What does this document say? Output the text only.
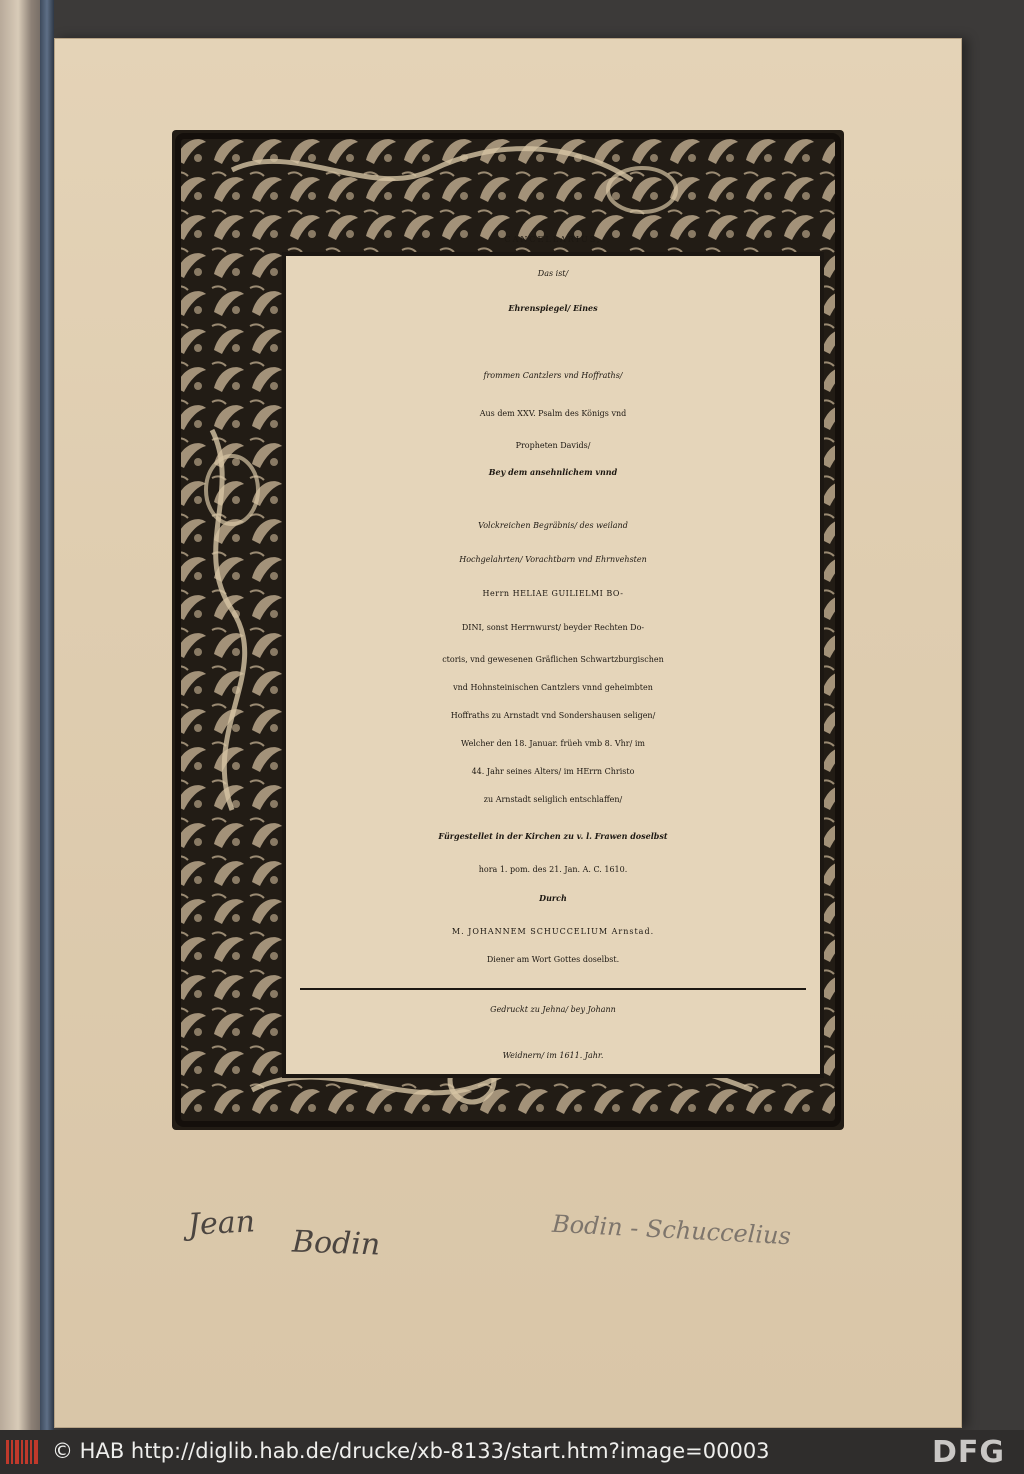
CANCELLARIUS,
Das ist/
Ehrenspiegel/ Eines
frommen Cantzlers vnd Hoffraths/
Aus dem XXV. Psalm des Königs vnd
Propheten Davids/
Bey dem ansehnlichem vnnd
Volckreichen Begräbnis/ des weiland
Hochgelahrten/ Vorachtbarn vnd Ehrnvehsten
Herrn HELIAE GUILIELMI BO-
DINI, sonst Herrnwurst/ beyder Rechten Do-
ctoris, vnd gewesenen Gräflichen Schwartzburgischen
vnd Hohnsteinischen Cantzlers vnnd geheimbten
Hoffraths zu Arnstadt vnd Sondershausen seligen/
Welcher den 18. Januar. früeh vmb 8. Vhr/ im
44. Jahr seines Alters/ im HErrn Christo
zu Arnstadt seliglich entschlaffen/
Fürgestellet in der Kirchen zu v. l. Frawen doselbst
hora 1. pom. des 21. Jan. A. C. 1610.
Durch
M. JOHANNEM SCHUCCELIUM Arnstad.
Diener am Wort Gottes doselbst.
Gedruckt zu Jehna/ bey Johann
Weidnern/ im 1611. Jahr.
Jean
Bodin	Bodin - Schuccelius
© HAB http://diglib.hab.de/drucke/xb-8133/start.htm?image=00003	DFG
